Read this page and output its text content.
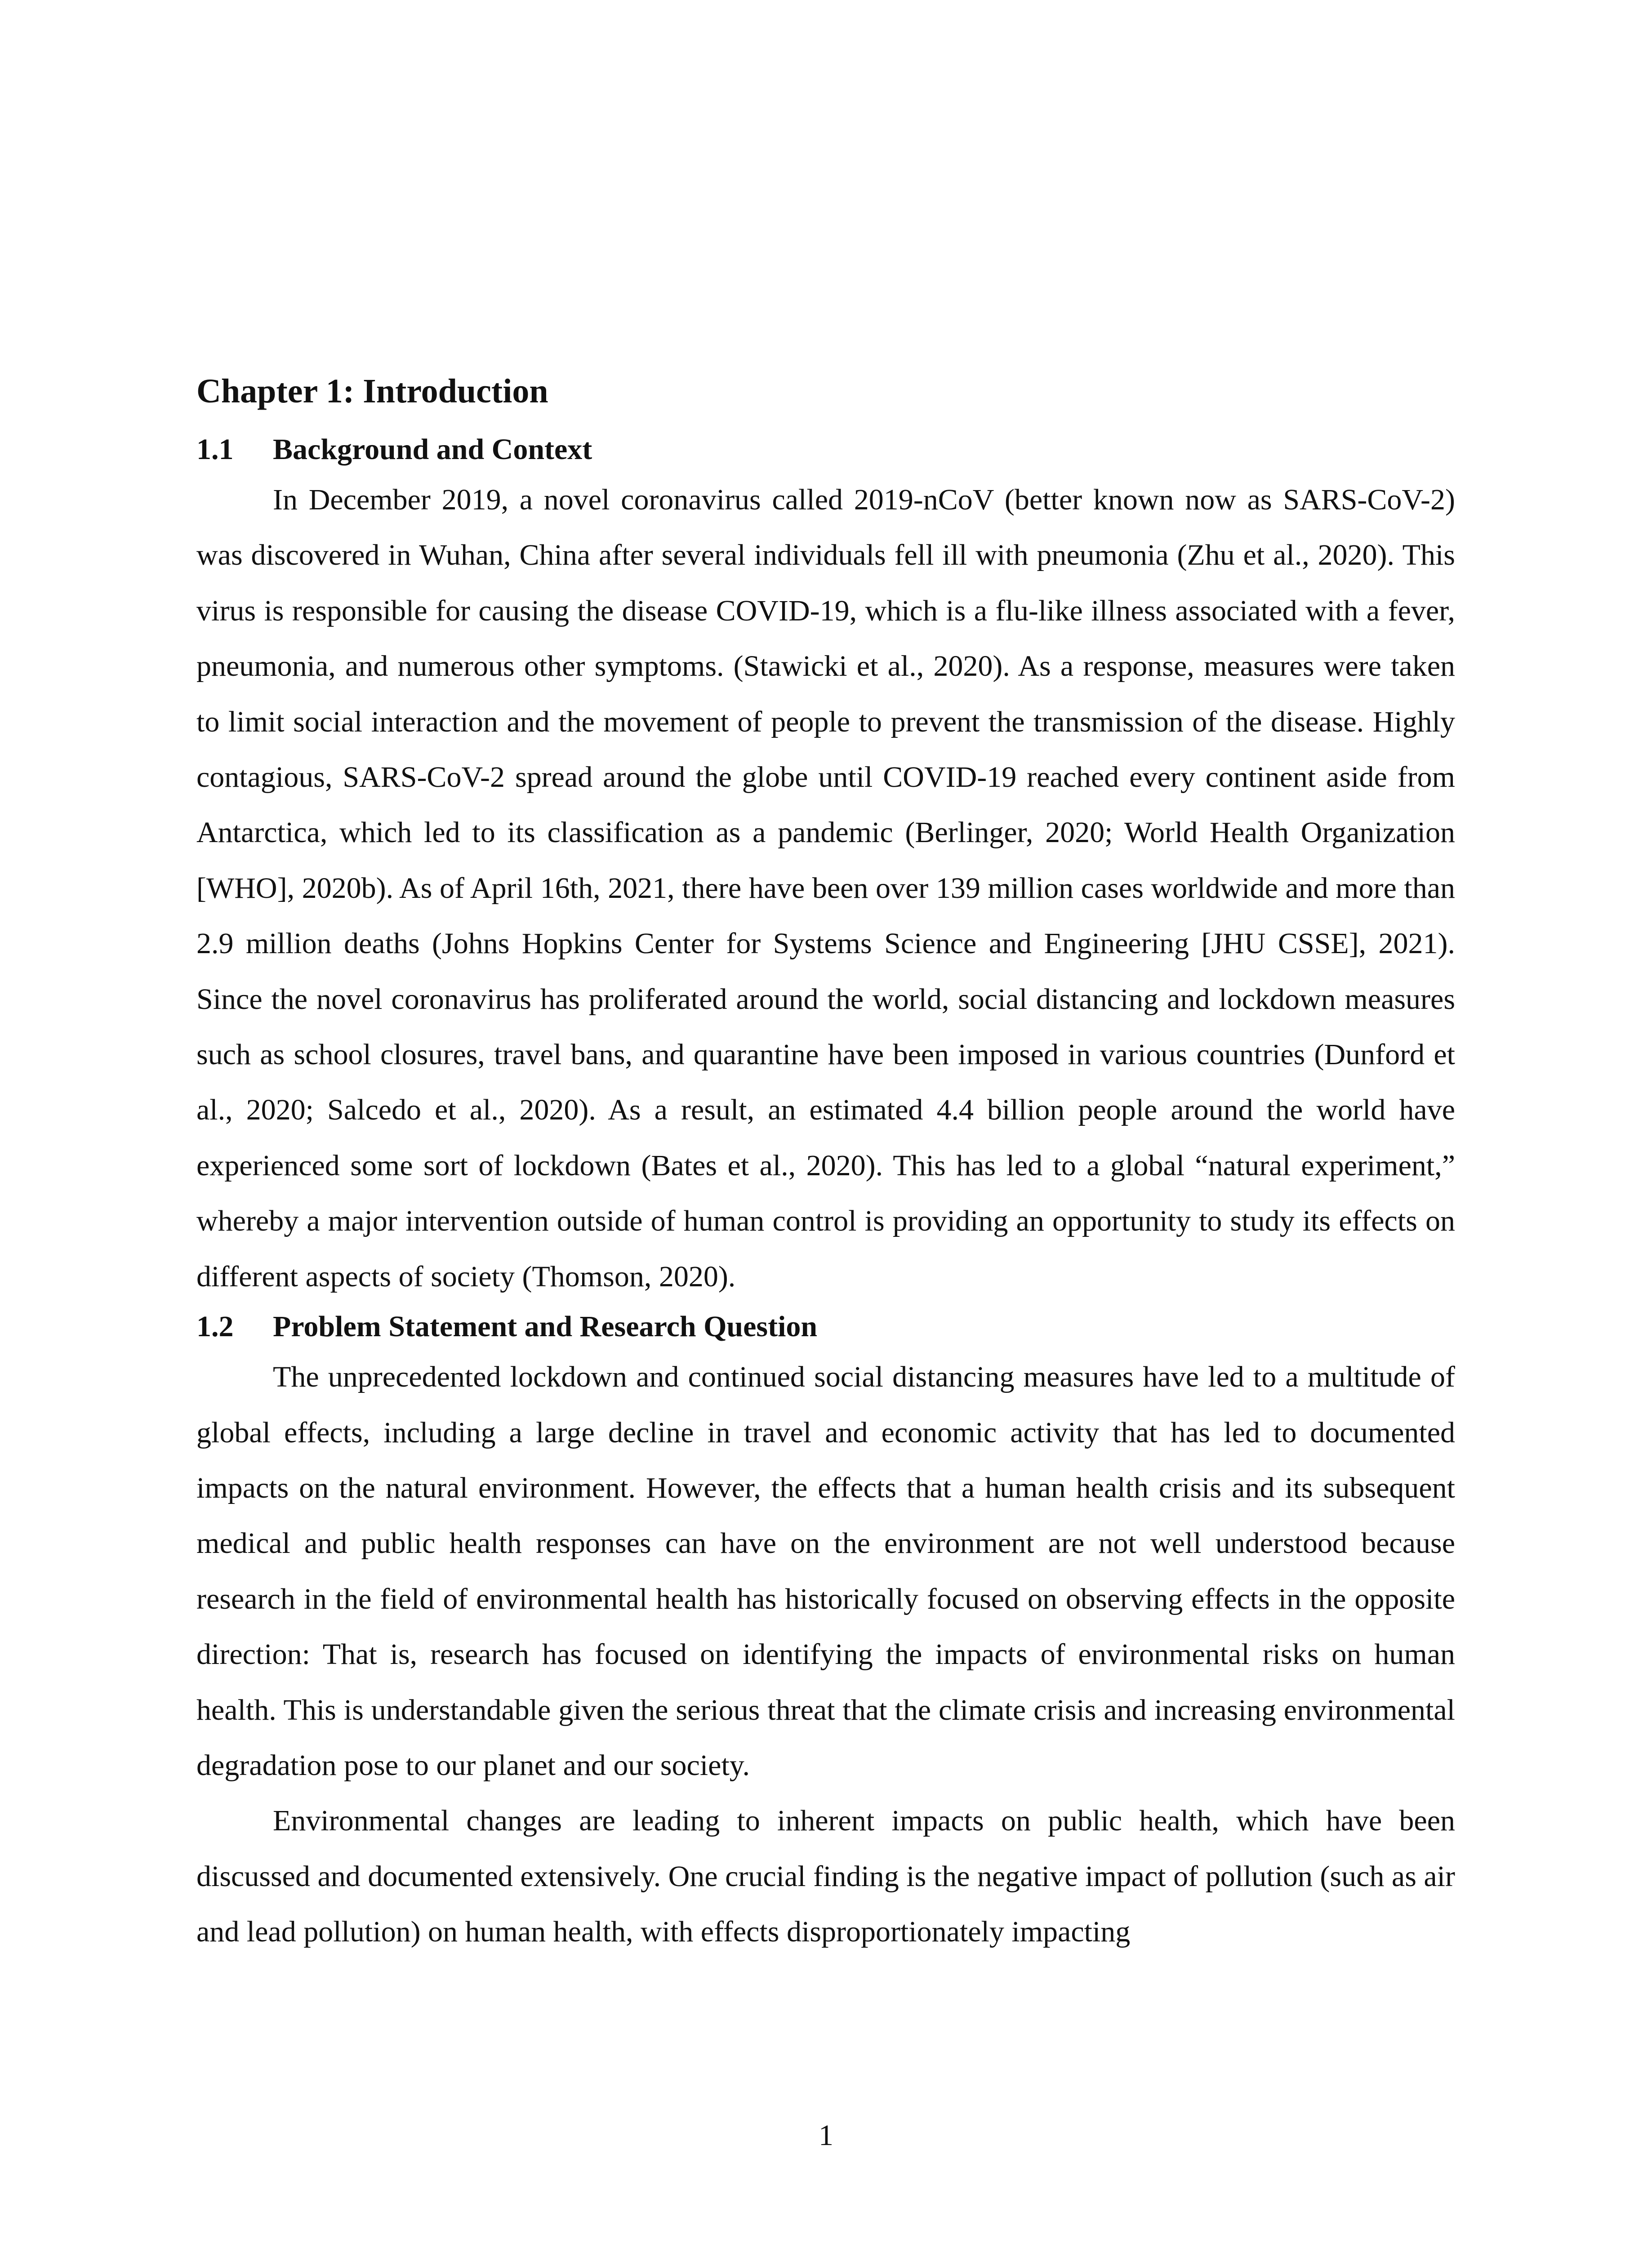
Chapter 1: Introduction
1.1	Background and Context

In December 2019, a novel coronavirus called 2019-nCoV (better known now as SARS-CoV-2) was discovered in Wuhan, China after several individuals fell ill with pneumonia (Zhu et al., 2020). This virus is responsible for causing the disease COVID-19, which is a flu-like illness associated with a fever, pneumonia, and numerous other symptoms. (Stawicki et al., 2020). As a response, measures were taken to limit social interaction and the movement of people to prevent the transmission of the disease. Highly contagious, SARS-CoV-2 spread around the globe until COVID-19 reached every continent aside from Antarctica, which led to its classification as a pandemic (Berlinger, 2020; World Health Organization [WHO], 2020b). As of April 16th, 2021, there have been over 139 million cases worldwide and more than 2.9 million deaths (Johns Hopkins Center for Systems Science and Engineering [JHU CSSE], 2021). Since the novel coronavirus has proliferated around the world, social distancing and lockdown measures such as school closures, travel bans, and quarantine have been imposed in various countries (Dunford et al., 2020; Salcedo et al., 2020). As a result, an estimated 4.4 billion people around the world have experienced some sort of lockdown (Bates et al., 2020). This has led to a global “natural experiment,” whereby a major intervention outside of human control is providing an opportunity to study its effects on different aspects of society (Thomson, 2020).

1.2	Problem Statement and Research Question

The unprecedented lockdown and continued social distancing measures have led to a multitude of global effects, including a large decline in travel and economic activity that has led to documented impacts on the natural environment. However, the effects that a human health crisis and its subsequent medical and public health responses can have on the environment are not well understood because research in the field of environmental health has historically focused on observing effects in the opposite direction: That is, research has focused on identifying the impacts of environmental risks on human health. This is understandable given the serious threat that the climate crisis and increasing environmental degradation pose to our planet and our society.

Environmental changes are leading to inherent impacts on public health, which have been discussed and documented extensively. One crucial finding is the negative impact of pollution (such as air and lead pollution) on human health, with effects disproportionately impacting

1
